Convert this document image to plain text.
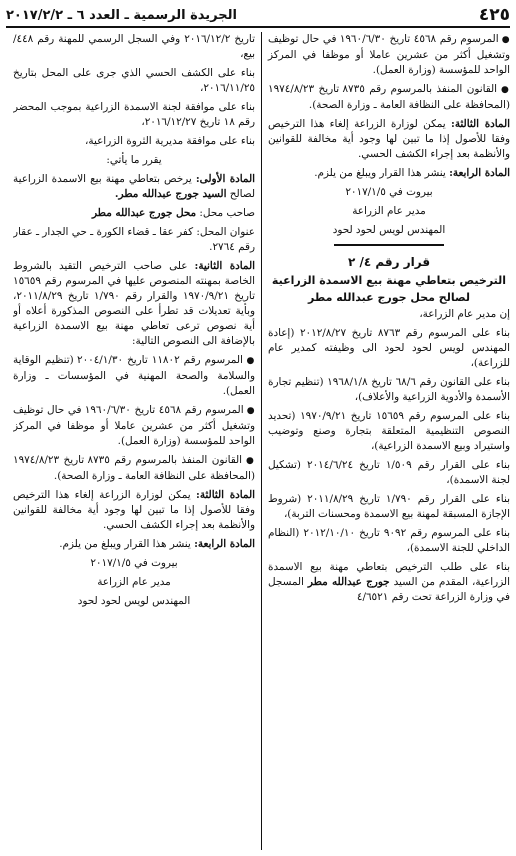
٤٢٥
الجريدة الرسمية ـ العدد ٦ ـ ٢٠١٧/٢/٢

● المرسوم رقم ٤٥٦٨ تاريخ ١٩٦٠/٦/٣٠ في حال توظيف وتشغيل أكثر من عشرين عاملا أو موظفا في المركز الواحد للمؤسسة (وزارة العمل).

● القانون المنفذ بالمرسوم رقم ٨٧٣٥ تاريخ ١٩٧٤/٨/٢٣ (المحافظة على النظافة العامة ـ وزارة الصحة).

المادة الثالثة: يمكن لوزارة الزراعة إلغاء هذا الترخيص وفقا للأصول إذا ما تبين لها وجود أية مخالفة للقوانين والأنظمة بعد إجراء الكشف الحسي.

المادة الرابعة: ينشر هذا القرار ويبلغ من يلزم.

بيروت في ٢٠١٧/١/٥

مدير عام الزراعة

المهندس لويس لحود لحود

قرار رقم ٤/ ٢
الترخيص بتعاطي مهنة بيع الاسمدة الزراعية
لصالح محل جورج عبدالله مطر

إن مدير عام الزراعة،

بناء على المرسوم رقم ٨٧٦٣ تاريخ ٢٠١٢/٨/٢٧ (إعادة المهندس لويس لحود لحود الى وظيفته كمدير عام للزراعة)،

بناء على القانون رقم ٦٨/٦ تاريخ ١٩٦٨/١/٨ (تنظيم تجارة الأسمدة والأدوية الزراعية والأعلاف)،

بناء على المرسوم رقم ١٥٦٥٩ تاريخ ١٩٧٠/٩/٢١ (تحديد النصوص التنظيمية المتعلقة بتجارة وصنع وتوضيب واستيراد وبيع الاسمدة الزراعية)،

بناء على القرار رقم ١/٥٠٩ تاريخ ٢٠١٤/٦/٢٤ (تشكيل لجنة الاسمدة)،

بناء على القرار رقم ١/٧٩٠ تاريخ ٢٠١١/٨/٢٩ (شروط الإجازة المسبقة لمهنة بيع الاسمدة ومحسنات التربة)،

بناء على المرسوم رقم ٩٠٩٢ تاريخ ٢٠١٢/١٠/١٠ (النظام الداخلي للجنة الاسمدة)،

بناء على طلب الترخيص بتعاطي مهنة بيع الاسمدة الزراعية، المقدم من السيد جورج عبدالله مطر المسجل في وزارة الزراعة تحت رقم ٤/٦٥٢١

تاريخ ٢٠١٦/١٢/٢ وفي السجل الرسمي للمهنة رقم ٤٤٨/ بيع،

بناء على الكشف الحسي الذي جرى على المحل بتاريخ ٢٠١٦/١١/٢٥،

بناء على موافقة لجنة الاسمدة الزراعية بموجب المحضر رقم ١٨ تاريخ ٢٠١٦/١٢/٢٧،

بناء على موافقة مديرية الثروة الزراعية،

يقرر ما يأتي:

المادة الأولى: يرخص بتعاطي مهنة بيع الاسمدة الزراعية لصالح السيد جورج عبدالله مطر.

صاحب محل: محل جورج عبدالله مطر

عنوان المحل: كفر عقا ـ قضاء الكورة ـ حي الجدار ـ عقار رقم ٢٧٦٤.

المادة الثانية: على صاحب الترخيص التقيد بالشروط الخاصة بمهنته المنصوص عليها في المرسوم رقم ١٥٦٥٩ تاريخ ١٩٧٠/٩/٢١ والقرار رقم ١/٧٩٠ تاريخ ٢٠١١/٨/٢٩، وبأية تعديلات قد تطرأ على النصوص المذكورة أعلاه أو أية نصوص ترعى تعاطي مهنة بيع الاسمدة الزراعية بالإضافة الى النصوص التالية:

● المرسوم رقم ١١٨٠٢ تاريخ ٢٠٠٤/١/٣٠ (تنظيم الوقاية والسلامة والصحة المهنية في المؤسسات ـ وزارة العمل).

● المرسوم رقم ٤٥٦٨ تاريخ ١٩٦٠/٦/٣٠ في حال توظيف وتشغيل أكثر من عشرين عاملا أو موظفا في المركز الواحد للمؤسسة (وزارة العمل).

● القانون المنفذ بالمرسوم رقم ٨٧٣٥ تاريخ ١٩٧٤/٨/٢٣ (المحافظة على النظافة العامة ـ وزارة الصحة).

المادة الثالثة: يمكن لوزارة الزراعة إلغاء هذا الترخيص وفقا للأصول إذا ما تبين لها وجود أية مخالفة للقوانين والأنظمة بعد إجراء الكشف الحسي.

المادة الرابعة: ينشر هذا القرار ويبلغ من يلزم.

بيروت في ٢٠١٧/١/٥

مدير عام الزراعة

المهندس لويس لحود لحود
